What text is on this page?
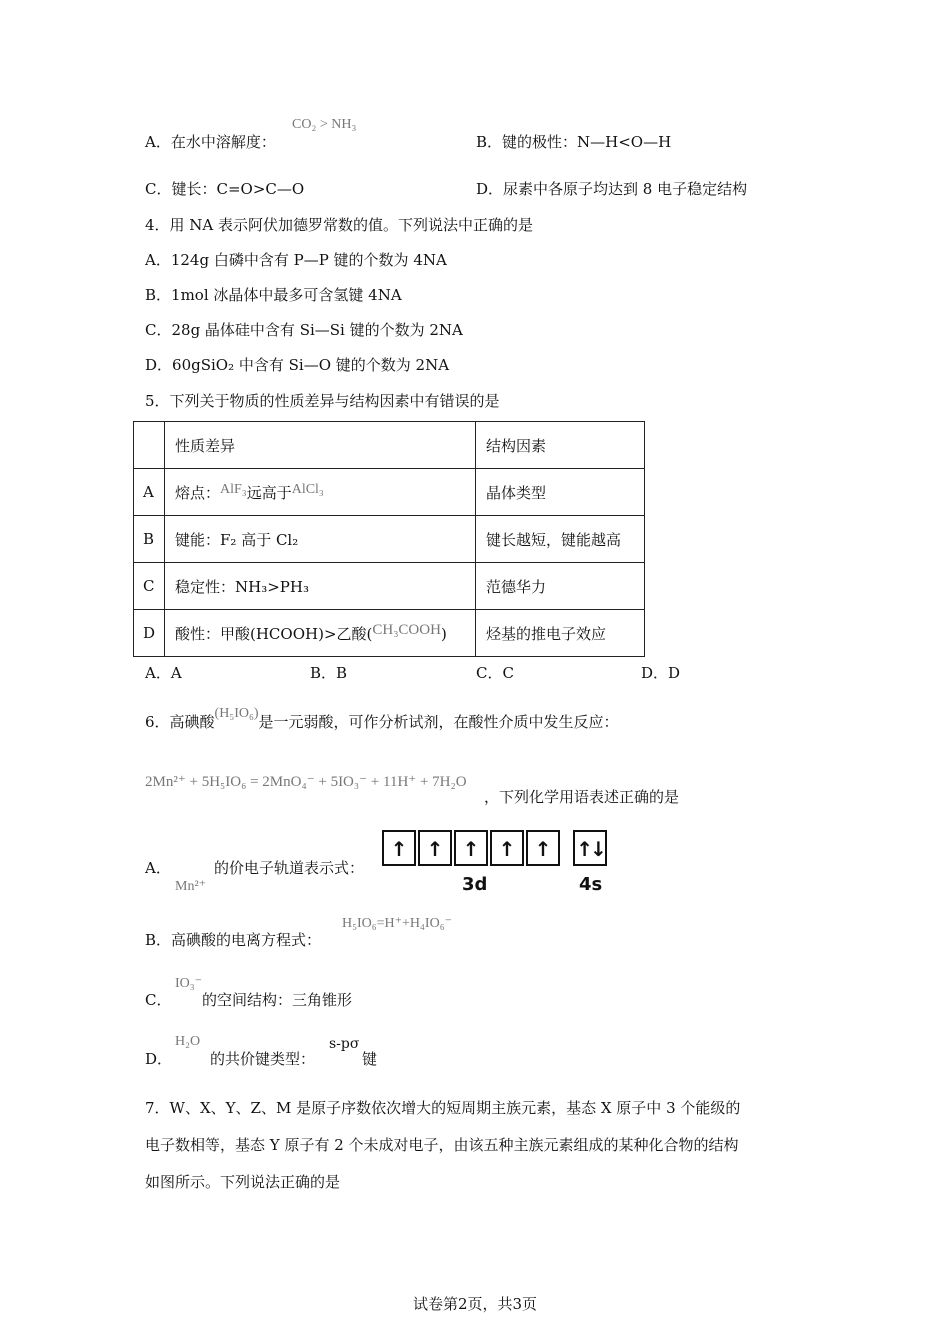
A．在水中溶解度：
CO₂ > NH₃
B．键的极性：N—H<O—H
C．键长：C=O>C—O	D．尿素中各原子均达到 8 电子稳定结构
4．用 NA 表示阿伏加德罗常数的值。下列说法中正确的是
A．124g 白磷中含有 P—P 键的个数为 4NA
B．1mol 冰晶体中最多可含氢键 4NA
C．28g 晶体硅中含有 Si—Si 键的个数为 2NA
D．60gSiO₂ 中含有 Si—O 键的个数为 2NA
5．下列关于物质的性质差异与结构因素中有错误的是
	性质差异	结构因素
A	熔点：AlF₃远高于AlCl₃	晶体类型
B	键能：F₂ 高于 Cl₂	键长越短，键能越高
C	稳定性：NH₃>PH₃	范德华力
D	酸性：甲酸(HCOOH)>乙酸(CH₃COOH)	烃基的推电子效应
A．A	B．B	C．C	D．D
6．高碘酸(H₅IO₆)是一元弱酸，可作分析试剂，在酸性介质中发生反应：
2Mn²⁺ + 5H₅IO₆ = 2MnO₄⁻ + 5IO₃⁻ + 11H⁺ + 7H₂O
，下列化学用语表述正确的是
A．
Mn²⁺
的价电子轨道表示式：
↑ ↑ ↑ ↑ ↑ ↑↓
3d	4s
B．高碘酸的电离方程式：
H₅IO₆=H⁺+H₄IO₆⁻
C．
IO₃⁻
的空间结构：三角锥形
D．
H₂O
的共价键类型：
s-pσ
键
7．W、X、Y、Z、M 是原子序数依次增大的短周期主族元素，基态 X 原子中 3 个能级的
电子数相等，基态 Y 原子有 2 个未成对电子，由该五种主族元素组成的某种化合物的结构
如图所示。下列说法正确的是
试卷第2页，共3页
